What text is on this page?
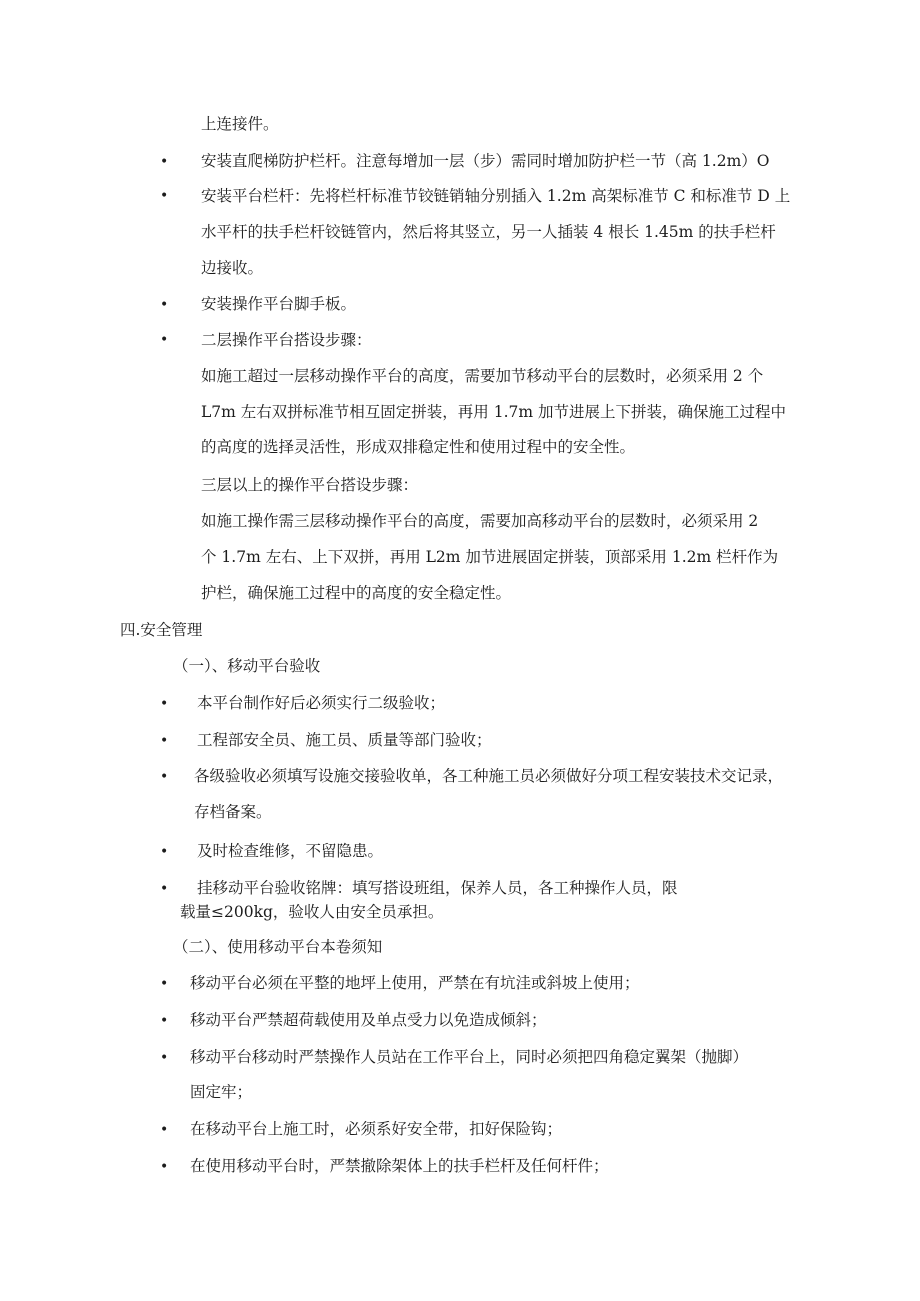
•
•
•
•
•
•
•
•
•
•
•
•
•
•
上连接件。
安装直爬梯防护栏杆。注意每增加一层（步）需同时增加防护栏一节（高 1.2m）O
安装平台栏杆：先将栏杆标准节铰链销轴分别插入 1.2m 高架标准节 C 和标准节 D 上
水平杆的扶手栏杆铰链管内，然后将其竖立，另一人插装 4 根长 1.45m 的扶手栏杆
边接收。
安装操作平台脚手板。
二层操作平台搭设步骤：
如施工超过一层移动操作平台的高度，需要加节移动平台的层数时，必须采用 2 个
L7m 左右双拼标准节相互固定拼装，再用 1.7m 加节进展上下拼装，确保施工过程中
的高度的选择灵活性，形成双排稳定性和使用过程中的安全性。
三层以上的操作平台搭设步骤：
如施工操作需三层移动操作平台的高度，需要加高移动平台的层数时，必须采用 2
个 1.7m 左右、上下双拼，再用 L2m 加节进展固定拼装，顶部采用 1.2m 栏杆作为
护栏，确保施工过程中的高度的安全稳定性。
四.安全管理
（一）、移动平台验收
本平台制作好后必须实行二级验收；
工程部安全员、施工员、质量等部门验收；
各级验收必须填写设施交接验收单，各工种施工员必须做好分项工程安装技术交记录，
存档备案。
及时检查维修，不留隐患。
挂移动平台验收铭牌：填写搭设班组，保养人员，各工种操作人员，限
载量≤200kg，验收人由安全员承担。
（二）、使用移动平台本卷须知
移动平台必须在平整的地坪上使用，严禁在有坑洼或斜坡上使用；
移动平台严禁超荷载使用及单点受力以免造成倾斜；
移动平台移动时严禁操作人员站在工作平台上，同时必须把四角稳定翼架（抛脚）
固定牢；
在移动平台上施工时，必须系好安全带，扣好保险钩；
在使用移动平台时，严禁撤除架体上的扶手栏杆及任何杆件；
